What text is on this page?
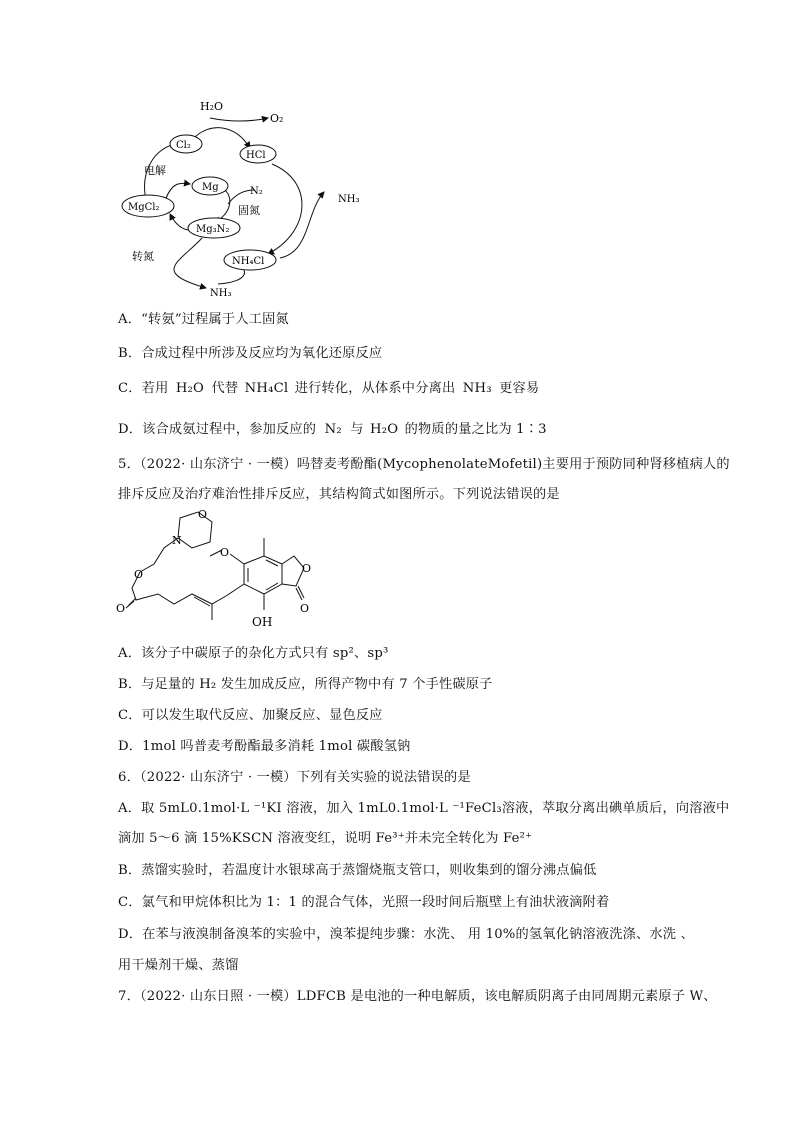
H₂O
O₂
Cl₂
HCl
电解
Mg	N₂
固氮
NH₃
MgCl₂
Mg₃N₂
转氮	NH₄Cl
NH₃
A．“转氨”过程属于人工固氮
B．合成过程中所涉及反应均为氧化还原反应
C．若用 H₂O 代替 NH₄Cl 进行转化，从体系中分离出 NH₃ 更容易
D．该合成氨过程中，参加反应的 N₂ 与 H₂O 的物质的量之比为 1∶3
5．（2022· 山东济宁 · 一模）吗替麦考酚酯(MycophenolateMofetil)主要用于预防同种肾移植病人的
排斥反应及治疗难治性排斥反应，其结构简式如图所示。下列说法错误的是
O
N
O
O
O
O
O
OH
A．该分子中碳原子的杂化方式只有 sp²、sp³
B．与足量的 H₂ 发生加成反应，所得产物中有 7 个手性碳原子
C．可以发生取代反应、加聚反应、显色反应
D．1mol 吗普麦考酚酯最多消耗 1mol 碳酸氢钠
6．（2022· 山东济宁 · 一模）下列有关实验的说法错误的是
A．取 5mL0.1mol·L ⁻¹KI 溶液，加入 1mL0.1mol·L ⁻¹FeCl₃溶液，萃取分离出碘单质后，向溶液中
滴加 5～6 滴 15%KSCN 溶液变红，说明 Fe³⁺并未完全转化为 Fe²⁺
B．蒸馏实验时，若温度计水银球高于蒸馏烧瓶支管口，则收集到的馏分沸点偏低
C．氯气和甲烷体积比为 1：1 的混合气体，光照一段时间后瓶壁上有油状液滴附着
D．在苯与液溴制备溴苯的实验中，溴苯提纯步骤：水洗、 用 10%的氢氧化钠溶液洗涤、水洗 、
用干燥剂干燥、蒸馏
7．（2022· 山东日照 · 一模）LDFCB 是电池的一种电解质，该电解质阴离子由同周期元素原子 W、
